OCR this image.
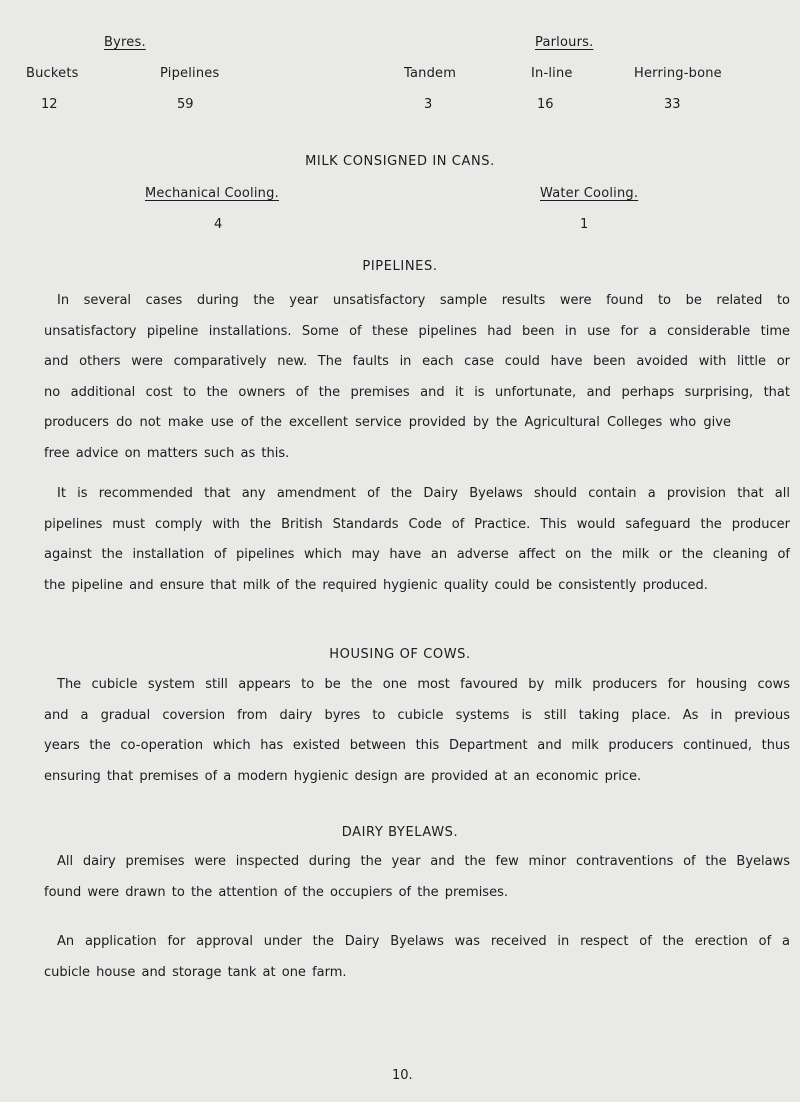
Byres.	Parlours.
Buckets	Pipelines	Tandem	In-line	Herring-bone
12	59	3	16	33
MILK CONSIGNED IN CANS.
Mechanical Cooling.	Water Cooling.
4	1
PIPELINES.
In several cases during the year unsatisfactory sample results were found to be related to
unsatisfactory pipeline installations. Some of these pipelines had been in use for a considerable time
and others were comparatively new. The faults in each case could have been avoided with little or
no additional cost to the owners of the premises and it is unfortunate, and perhaps surprising, that
producers do not make use of the excellent service provided by the Agricultural Colleges who give
free advice on matters such as this.
It is recommended that any amendment of the Dairy Byelaws should contain a provision that all
pipelines must comply with the British Standards Code of Practice. This would safeguard the producer
against the installation of pipelines which may have an adverse affect on the milk or the cleaning of
the pipeline and ensure that milk of the required hygienic quality could be consistently produced.
HOUSING OF COWS.
The cubicle system still appears to be the one most favoured by milk producers for housing cows
and a gradual coversion from dairy byres to cubicle systems is still taking place. As in previous
years the co-operation which has existed between this Department and milk producers continued, thus
ensuring that premises of a modern hygienic design are provided at an economic price.
DAIRY BYELAWS.
All dairy premises were inspected during the year and the few minor contraventions of the Byelaws
found were drawn to the attention of the occupiers of the premises.
An application for approval under the Dairy Byelaws was received in respect of the erection of a
cubicle house and storage tank at one farm.
10.
